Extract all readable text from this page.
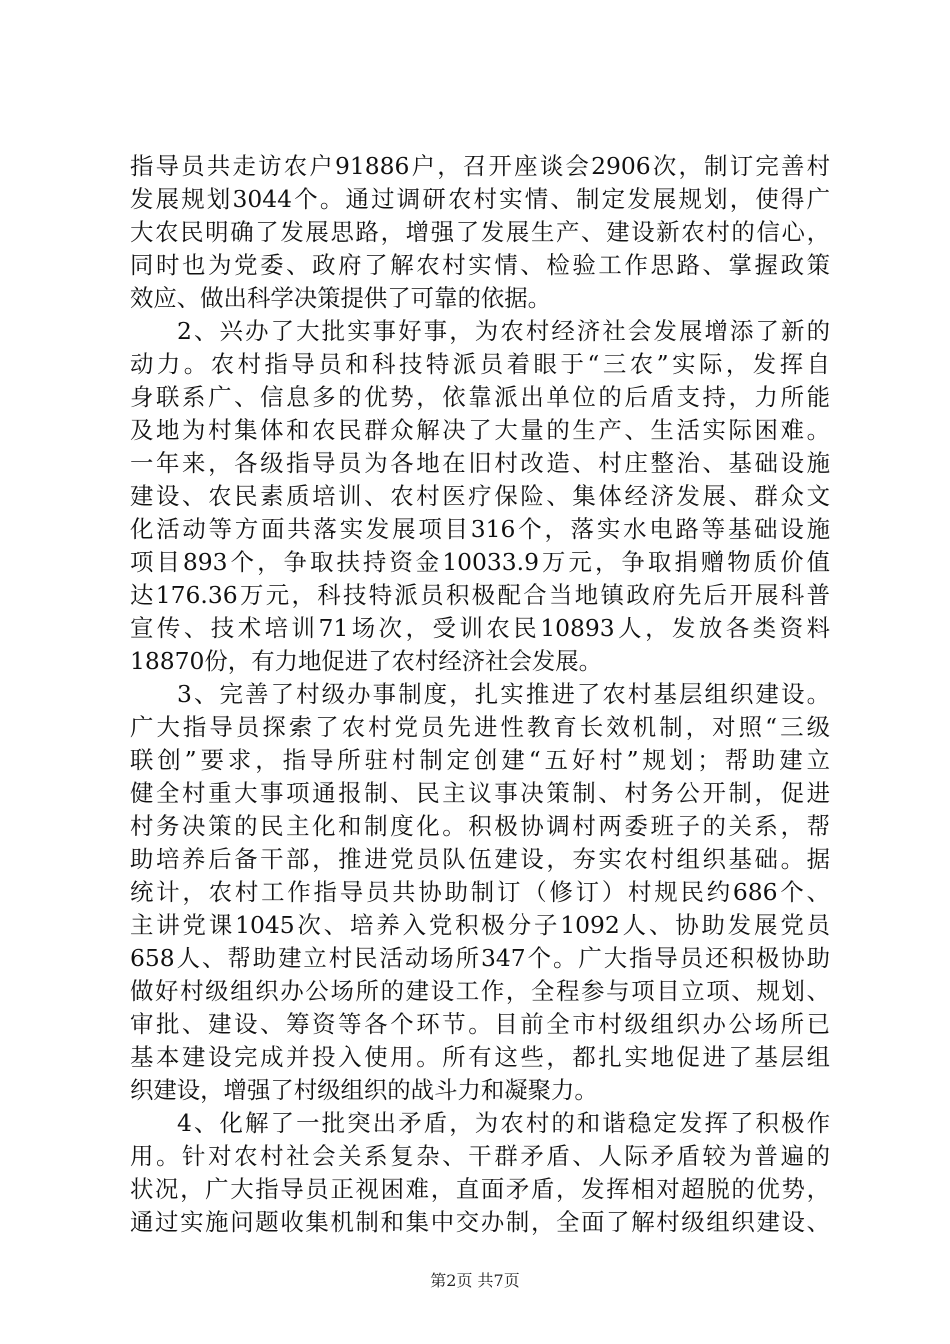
指导员共走访农户91886户，召开座谈会2906次，制订完善村
发展规划3044个。通过调研农村实情、制定发展规划，使得广
大农民明确了发展思路，增强了发展生产、建设新农村的信心，
同时也为党委、政府了解农村实情、检验工作思路、掌握政策
效应、做出科学决策提供了可靠的依据。
2、兴办了大批实事好事，为农村经济社会发展增添了新的
动力。农村指导员和科技特派员着眼于“三农”实际，发挥自
身联系广、信息多的优势，依靠派出单位的后盾支持，力所能
及地为村集体和农民群众解决了大量的生产、生活实际困难。
一年来，各级指导员为各地在旧村改造、村庄整治、基础设施
建设、农民素质培训、农村医疗保险、集体经济发展、群众文
化活动等方面共落实发展项目316个，落实水电路等基础设施
项目893个，争取扶持资金10033.9万元，争取捐赠物质价值
达176.36万元，科技特派员积极配合当地镇政府先后开展科普
宣传、技术培训71场次，受训农民10893人，发放各类资料
18870份，有力地促进了农村经济社会发展。
3、完善了村级办事制度，扎实推进了农村基层组织建设。
广大指导员探索了农村党员先进性教育长效机制，对照“三级
联创”要求，指导所驻村制定创建“五好村”规划；帮助建立
健全村重大事项通报制、民主议事决策制、村务公开制，促进
村务决策的民主化和制度化。积极协调村两委班子的关系，帮
助培养后备干部，推进党员队伍建设，夯实农村组织基础。据
统计，农村工作指导员共协助制订（修订）村规民约686个、
主讲党课1045次、培养入党积极分子1092人、协助发展党员
658人、帮助建立村民活动场所347个。广大指导员还积极协助
做好村级组织办公场所的建设工作，全程参与项目立项、规划、
审批、建设、筹资等各个环节。目前全市村级组织办公场所已
基本建设完成并投入使用。所有这些，都扎实地促进了基层组
织建设，增强了村级组织的战斗力和凝聚力。
4、化解了一批突出矛盾，为农村的和谐稳定发挥了积极作
用。针对农村社会关系复杂、干群矛盾、人际矛盾较为普遍的
状况，广大指导员正视困难，直面矛盾，发挥相对超脱的优势，
通过实施问题收集机制和集中交办制，全面了解村级组织建设、
第2页 共7页
